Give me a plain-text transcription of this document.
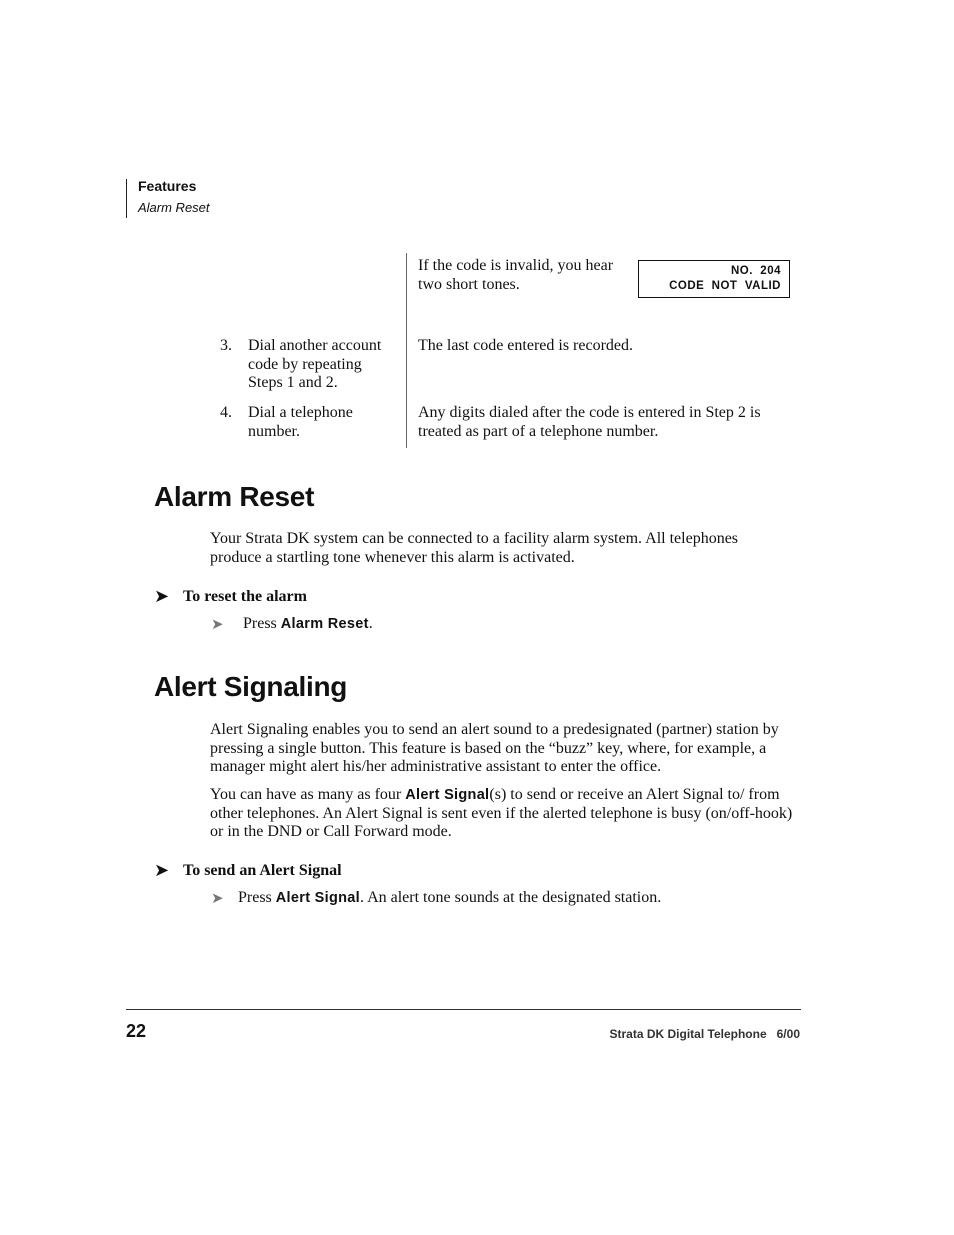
Features
Alarm Reset
If the code is invalid, you hear two short tones.
NO.  204
CODE  NOT  VALID
3. Dial another account code by repeating Steps 1 and 2.
The last code entered is recorded.
4. Dial a telephone number.
Any digits dialed after the code is entered in Step 2 is treated as part of a telephone number.
Alarm Reset
Your Strata DK system can be connected to a facility alarm system. All telephones produce a startling tone whenever this alarm is activated.
➤ To reset the alarm
➤ Press Alarm Reset.
Alert Signaling
Alert Signaling enables you to send an alert sound to a predesignated (partner) station by pressing a single button. This feature is based on the “buzz” key, where, for example, a manager might alert his/her administrative assistant to enter the office.
You can have as many as four Alert Signal(s) to send or receive an Alert Signal to/ from other telephones. An Alert Signal is sent even if the alerted telephone is busy (on/off-hook) or in the DND or Call Forward mode.
➤ To send an Alert Signal
➤ Press Alert Signal. An alert tone sounds at the designated station.
22	Strata DK Digital Telephone   6/00
